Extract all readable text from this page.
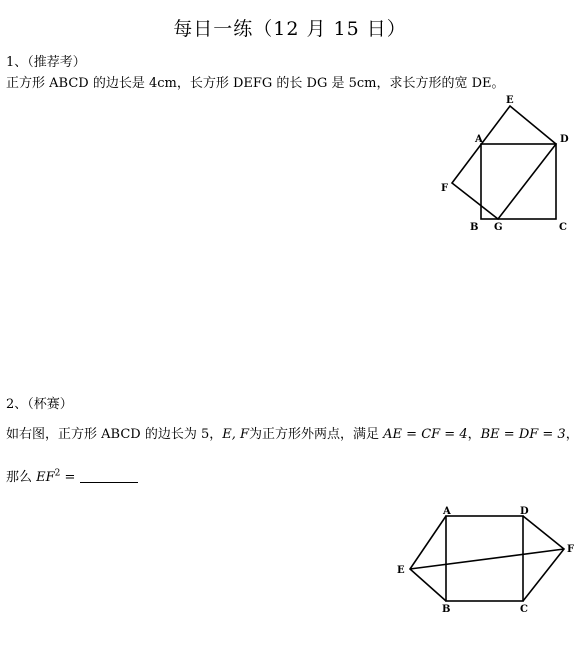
每日一练（12 月 15 日）
1、（推荐考）
正方形 ABCD 的边长是 4cm，长方形 DEFG 的长 DG 是 5cm，求长方形的宽 DE。
A
B	C
D
E
F
G
2、（杯赛）
如右图，正方形 ABCD 的边长为 5，E, F为正方形外两点，满足 AE = CF = 4，BE = DF = 3，
那么 $EF^2$ =
A
B	C
D
E
F
